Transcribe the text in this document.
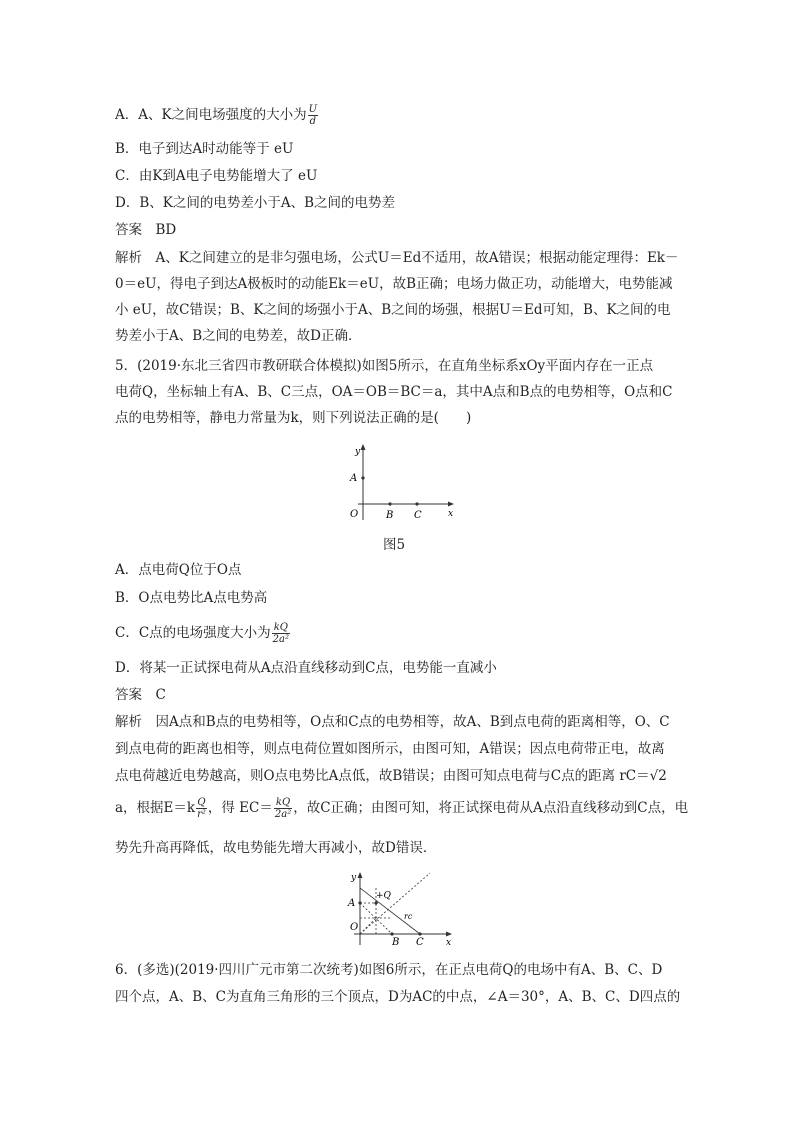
A．A、K之间电场强度的大小为 $\frac{U}{d}$
B．电子到达A时动能等于 eU
C．由K到A电子电势能增大了 eU
D．B、K之间的电势差小于A、B之间的电势差
答案　BD
解析　A、K之间建立的是非匀强电场，公式U＝Ed不适用，故A错误；根据动能定理得：Ek－
0＝eU，得电子到达A极板时的动能Ek＝eU，故B正确；电场力做正功，动能增大，电势能减
小 eU，故C错误；B、K之间的场强小于A、B之间的场强，根据U＝Ed可知，B、K之间的电
势差小于A、B之间的电势差，故D正确．
5．(2019·东北三省四市教研联合体模拟)如图5所示，在直角坐标系xOy平面内存在一正点
电荷Q，坐标轴上有A、B、C三点，OA＝OB＝BC＝a，其中A点和B点的电势相等，O点和C
点的电势相等，静电力常量为k，则下列说法正确的是(　　)
y
x
A
O	B C
图5
A．点电荷Q位于O点
B．O点电势比A点电势高
C．C点的电场强度大小为 $\frac{kQ}{\text{2a²}}$
D．将某一正试探电荷从A点沿直线移动到C点，电势能一直减小
答案　C
解析　因A点和B点的电势相等，O点和C点的电势相等，故A、B到点电荷的距离相等，O、C
到点电荷的距离也相等，则点电荷位置如图所示，由图可知，A错误；因点电荷带正电，故离
点电荷越近电势越高，则O点电势比A点低，故B错误；由图可知点电荷与C点的距离 rC＝√2
a，根据$E=k \frac{Q}{\text{r²}}$ ，得 $EC= \frac{kQ}{\text{2a²}}$ ，故C正确；由图可知，将正试探电荷从A点沿直线移动到C点，电
势先升高再降低，故电势能先增大再减小，故D错误．
y
x
A
O
B C
+Q
rc
6．(多选)(2019·四川广元市第二次统考)如图6所示，在正点电荷Q的电场中有A、B、C、D
四个点，A、B、C为直角三角形的三个顶点，D为AC的中点，∠A＝30°，A、B、C、D四点的
